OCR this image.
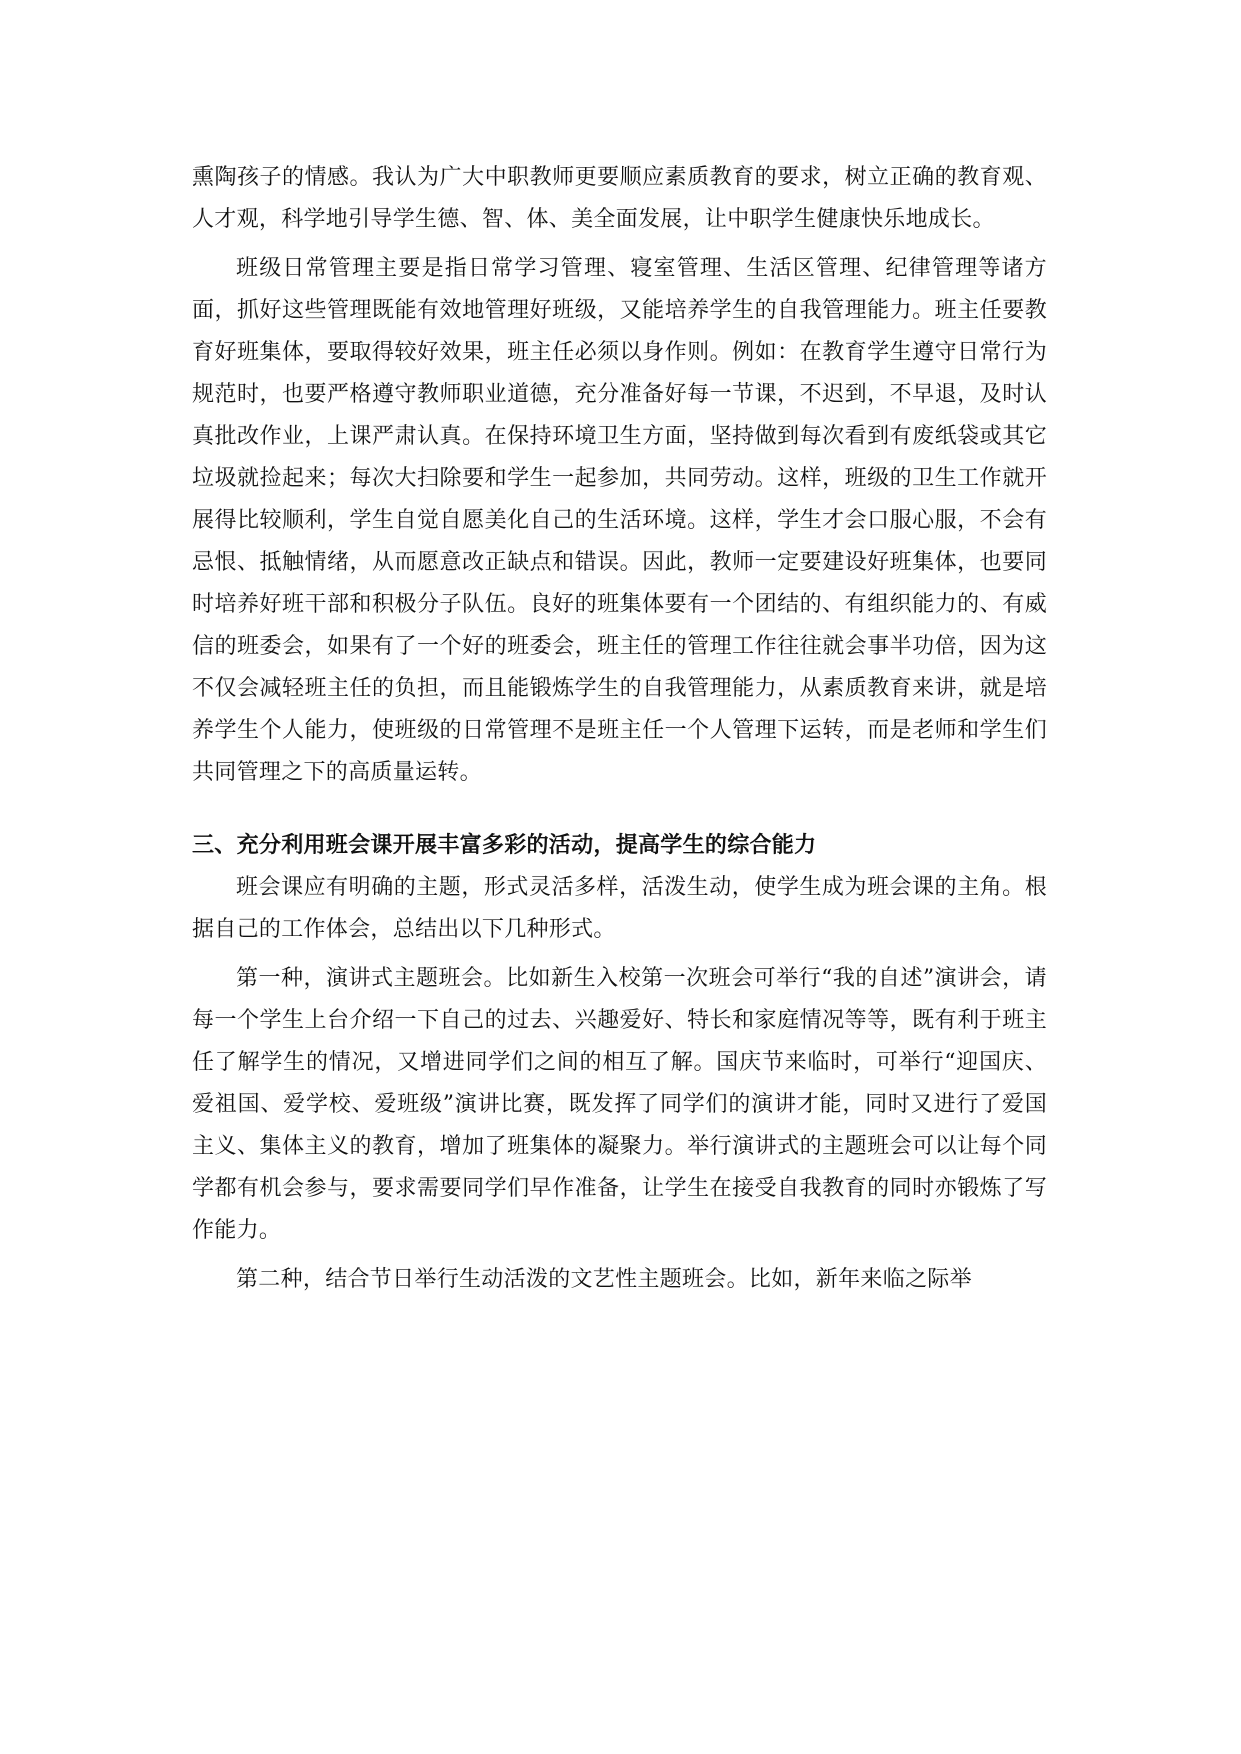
熏陶孩子的情感。我认为广大中职教师更要顺应素质教育的要求，树立正确的教育观、人才观，科学地引导学生德、智、体、美全面发展，让中职学生健康快乐地成长。

班级日常管理主要是指日常学习管理、寝室管理、生活区管理、纪律管理等诸方面，抓好这些管理既能有效地管理好班级，又能培养学生的自我管理能力。班主任要教育好班集体，要取得较好效果，班主任必须以身作则。例如：在教育学生遵守日常行为规范时，也要严格遵守教师职业道德，充分准备好每一节课，不迟到，不早退，及时认真批改作业，上课严肃认真。在保持环境卫生方面，坚持做到每次看到有废纸袋或其它垃圾就捡起来；每次大扫除要和学生一起参加，共同劳动。这样，班级的卫生工作就开展得比较顺利，学生自觉自愿美化自己的生活环境。这样，学生才会口服心服，不会有忌恨、抵触情绪，从而愿意改正缺点和错误。因此，教师一定要建设好班集体，也要同时培养好班干部和积极分子队伍。良好的班集体要有一个团结的、有组织能力的、有威信的班委会，如果有了一个好的班委会，班主任的管理工作往往就会事半功倍，因为这不仅会减轻班主任的负担，而且能锻炼学生的自我管理能力，从素质教育来讲，就是培养学生个人能力，使班级的日常管理不是班主任一个人管理下运转，而是老师和学生们共同管理之下的高质量运转。

三、充分利用班会课开展丰富多彩的活动，提高学生的综合能力

班会课应有明确的主题，形式灵活多样，活泼生动，使学生成为班会课的主角。根据自己的工作体会，总结出以下几种形式。

第一种，演讲式主题班会。比如新生入校第一次班会可举行“我的自述”演讲会，请每一个学生上台介绍一下自己的过去、兴趣爱好、特长和家庭情况等等，既有利于班主任了解学生的情况，又增进同学们之间的相互了解。国庆节来临时，可举行“迎国庆、爱祖国、爱学校、爱班级”演讲比赛，既发挥了同学们的演讲才能，同时又进行了爱国主义、集体主义的教育，增加了班集体的凝聚力。举行演讲式的主题班会可以让每个同学都有机会参与，要求需要同学们早作准备，让学生在接受自我教育的同时亦锻炼了写作能力。

第二种，结合节日举行生动活泼的文艺性主题班会。比如，新年来临之际举
